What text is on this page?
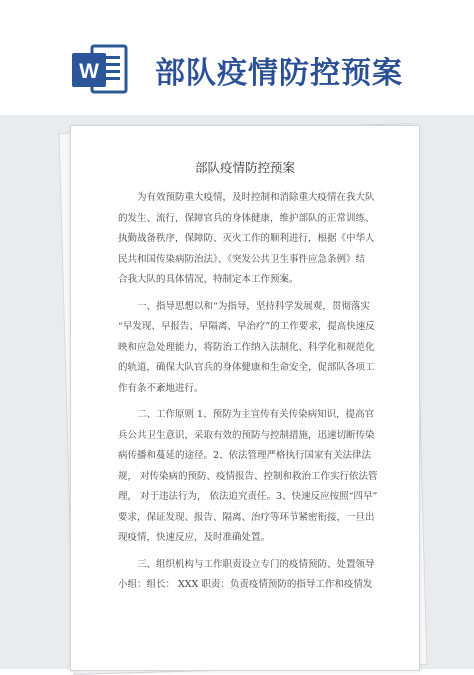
W 部队疫情防控预案
部队疫情防控预案
为有效预防重大疫情，及时控制和消除重大疫情在我大队
的发生、流行，保障官兵的身体健康，维护部队的正常训练、
执勤战备秩序，保障防、灭火工作的顺利进行，根据《中华人
民共和国传染病防治法》、《突发公共卫生事件应急条例》结
合我大队的具体情况，特制定本工作预案。
一、指导思想以和“为指导，坚持科学发展观，贯彻落实
“早发现、早报告、早隔离、早治疗”的工作要求，提高快速反
映和应急处理能力，将防治工作纳入法制化、科学化和规范化
的轨道，确保大队官兵的身体健康和生命安全，促部队各项工
作有条不紊地进行。
二、工作原则 1、预防为主宣传有关传染病知识，提高官
兵公共卫生意识，采取有效的预防与控制措施，迅速切断传染
病传播和蔓延的途径。2、依法管理严格执行国家有关法律法
规， 对传染病的预防、疫情报告、控制和救治工作实行依法管
理， 对于违法行为， 依法追究责任。3、快速反应按照“四早”
要求，保证发现、报告、隔离、治疗等环节紧密衔接，一旦出
现疫情，快速反应，及时准确处置。
三、组织机构与工作职责设立专门的疫情预防、处置领导
小组：组长： XXX 职责：负责疫情预防的指导工作和疫情发
